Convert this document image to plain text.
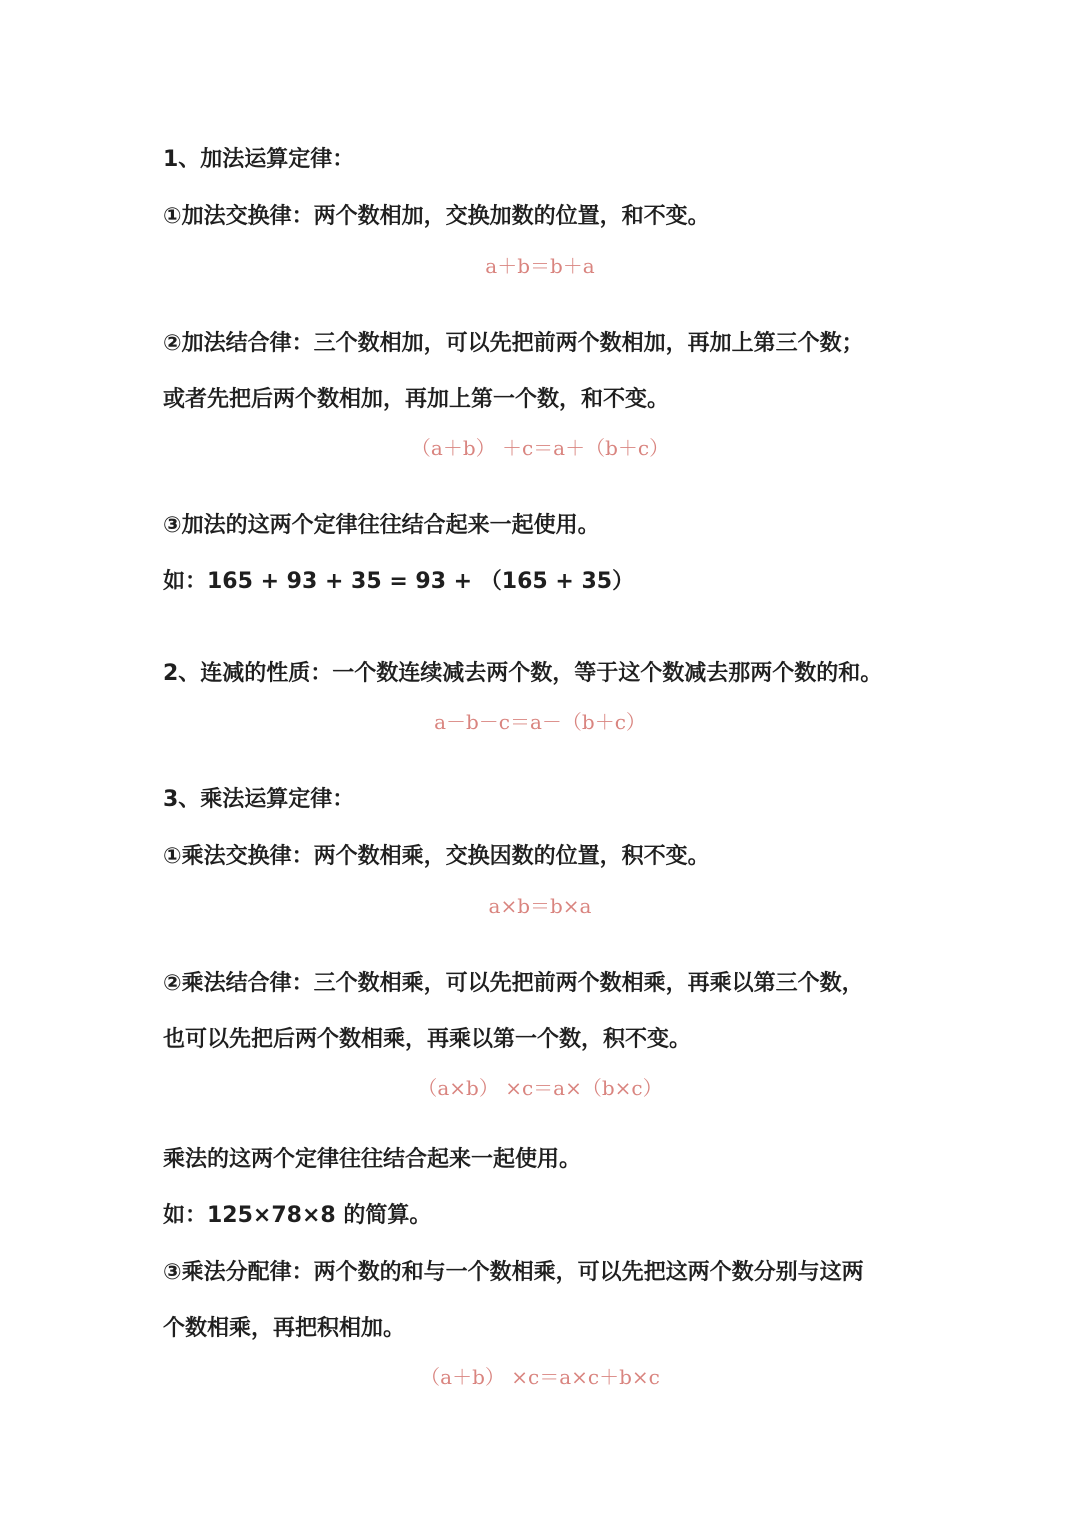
1、加法运算定律：

①加法交换律：两个数相加，交换加数的位置，和不变。

a＋b＝b＋a

②加法结合律：三个数相加，可以先把前两个数相加，再加上第三个数；

或者先把后两个数相加，再加上第一个数，和不变。

（a＋b） ＋c＝a＋（b＋c）

③加法的这两个定律往往结合起来一起使用。

如：165 + 93 + 35 = 93 + （165 + 35）

2、连减的性质：一个数连续减去两个数，等于这个数减去那两个数的和。

a－b－c＝a－（b＋c）

3、乘法运算定律：

①乘法交换律：两个数相乘，交换因数的位置，积不变。

a×b＝b×a

②乘法结合律：三个数相乘，可以先把前两个数相乘，再乘以第三个数，

也可以先把后两个数相乘，再乘以第一个数，积不变。

（a×b） ×c＝a×（b×c）

乘法的这两个定律往往结合起来一起使用。

如：125×78×8 的简算。

③乘法分配律：两个数的和与一个数相乘，可以先把这两个数分别与这两

个数相乘，再把积相加。

（a＋b） ×c＝a×c＋b×c
